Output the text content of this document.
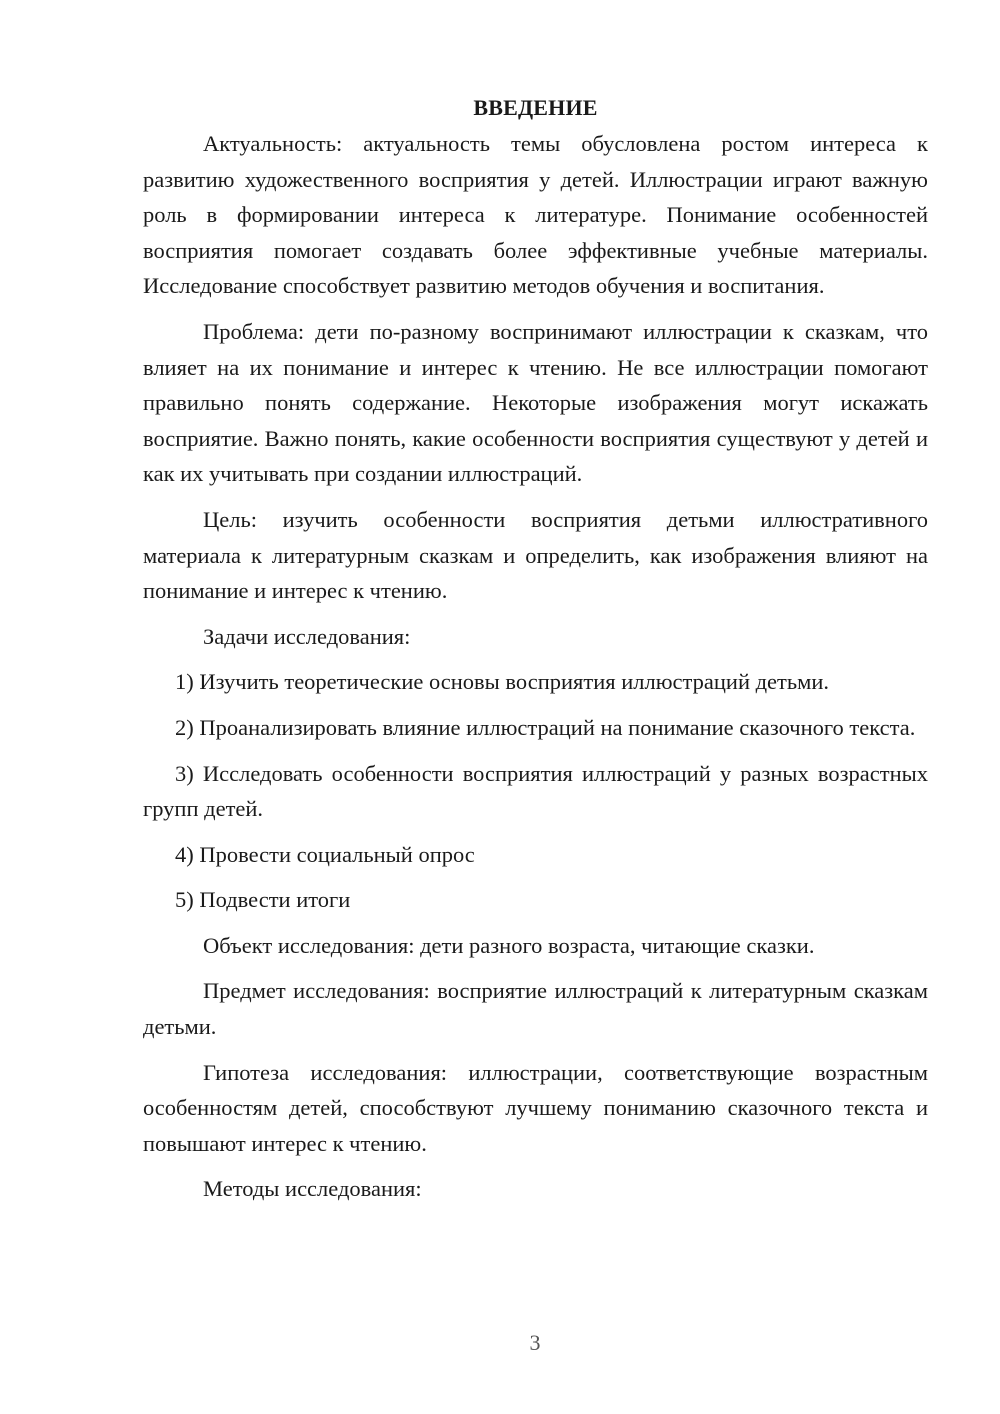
ВВЕДЕНИЕ

Актуальность: актуальность темы обусловлена ростом интереса к развитию художественного восприятия у детей. Иллюстрации играют важную роль в формировании интереса к литературе. Понимание особенностей восприятия помогает создавать более эффективные учебные материалы. Исследование способствует развитию методов обучения и воспитания.

Проблема: дети по-разному воспринимают иллюстрации к сказкам, что влияет на их понимание и интерес к чтению. Не все иллюстрации помогают правильно понять содержание. Некоторые изображения могут искажать восприятие. Важно понять, какие особенности восприятия существуют у детей и как их учитывать при создании иллюстраций.

Цель: изучить особенности восприятия детьми иллюстративного материала к литературным сказкам и определить, как изображения влияют на понимание и интерес к чтению.

Задачи исследования:

1) Изучить теоретические основы восприятия иллюстраций детьми.

2) Проанализировать влияние иллюстраций на понимание сказочного текста.

3) Исследовать особенности восприятия иллюстраций у разных возрастных групп детей.

4) Провести социальный опрос

5) Подвести итоги

Объект исследования: дети разного возраста, читающие сказки.

Предмет исследования: восприятие иллюстраций к литературным сказкам детьми.

Гипотеза исследования: иллюстрации, соответствующие возрастным особенностям детей, способствуют лучшему пониманию сказочного текста и повышают интерес к чтению.

Методы исследования:

3
